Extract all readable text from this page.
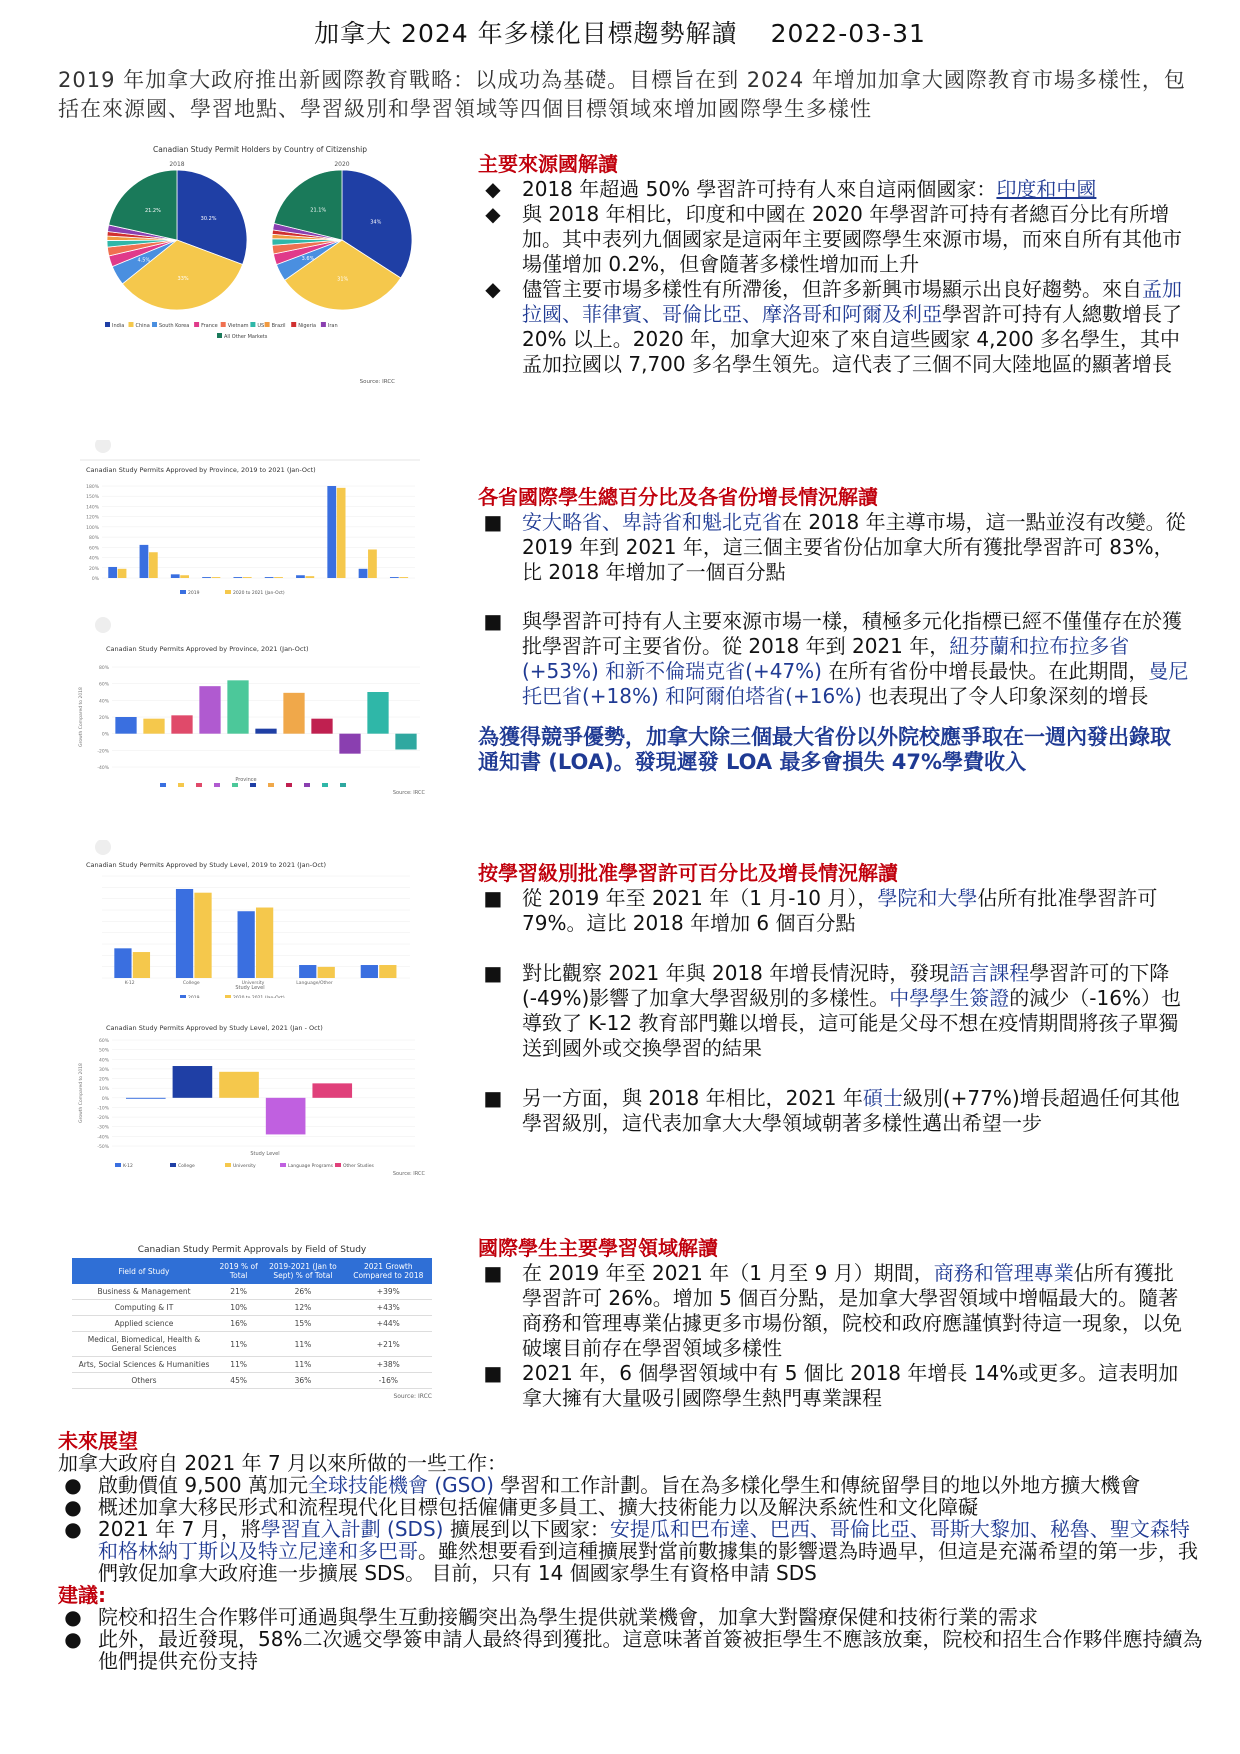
加拿大 2024 年多樣化目標趨勢解讀 2022-03-31
2019 年加拿大政府推出新國際教育戰略：以成功為基礎。目標旨在到 2024 年增加加拿大國際教育市場多樣性，包括在來源國、學習地點、學習級別和學習領域等四個目標領域來增加國際學生多樣性
Canadian Study Permit Holders by Country of Citizenship
2018	2020
30.2%
33%
4.5%
21.2%
34%
31%
3.6%
21.1%
India China South Korea France Vietnam US Brazil	Nigeria Iran
All Other Markets
Source: IRCC
主要來源國解讀
◆	2018 年超過 50% 學習許可持有人來自這兩個國家：印度和中國
◆	與 2018 年相比，印度和中國在 2020 年學習許可持有者總百分比有所增加。其中表列九個國家是這兩年主要國際學生來源市場，而來自所有其他市場僅增加 0.2%，但會隨著多樣性增加而上升
◆	儘管主要市場多樣性有所滯後，但許多新興市場顯示出良好趨勢。來自孟加拉國、菲律賓、哥倫比亞、摩洛哥和阿爾及利亞學習許可持有人總數增長了 20% 以上。2020 年，加拿大迎來了來自這些國家 4,200 多名學生，其中孟加拉國以 7,700 多名學生領先。這代表了三個不同大陸地區的顯著增長
Canadian Study Permits Approved by Province, 2019 to 2021 (Jan-Oct)
180%
150%
140%
120%
100%
80%
60%
40%
20%
0%
2019	2020 to 2021 (Jan-Oct)
Canadian Study Permits Approved by Province, 2021 (Jan-Oct)
80%
60%
40%
20%
0%
-20%
-40%
Growth Compared to 2018
Province
Source: IRCC
各省國際學生總百分比及各省份增長情況解讀
■ 安大略省、卑詩省和魁北克省在 2018 年主導市場，這一點並沒有改變。從 2019 年到 2021 年，這三個主要省份佔加拿大所有獲批學習許可 83%，比 2018 年增加了一個百分點
■ 與學習許可持有人主要來源市場一樣，積極多元化指標已經不僅僅存在於獲批學習許可主要省份。從 2018 年到 2021 年，紐芬蘭和拉布拉多省(+53%) 和新不倫瑞克省(+47%) 在所有省份中增長最快。在此期間，曼尼托巴省(+18%) 和阿爾伯塔省(+16%) 也表現出了令人印象深刻的增長
為獲得競爭優勢，加拿大除三個最大省份以外院校應爭取在一週內發出錄取通知書 (LOA)。發現遲發 LOA 最多會損失 47%學費收入
Canadian Study Permits Approved by Study Level, 2019 to 2021 (Jan-Oct)
K-12	College	University	Language/Other
Study Level
Canadian Study Permits Approved by Study Level, 2021 (Jan - Oct)
60%
50%
40%
30%
20%
10%
0%
-10%
-20%
-30%
-40%
-50%
Growth Compared to 2018
K-12	College	University	Language Programs Other Studies
Study Level
Source: IRCC
按學習級別批准學習許可百分比及增長情況解讀
■ 從 2019 年至 2021 年（1 月-10 月），學院和大學佔所有批准學習許可 79%。這比 2018 年增加 6 個百分點
■ 對比觀察 2021 年與 2018 年增長情況時，發現語言課程學習許可的下降(-49%)影響了加拿大學習級別的多樣性。中學學生簽證的減少（-16%）也導致了 K-12 教育部門難以增長，這可能是父母不想在疫情期間將孩子單獨送到國外或交換學習的結果
■ 另一方面，與 2018 年相比，2021 年碩士級別(+77%)增長超過任何其他學習級別，這代表加拿大大學領域朝著多樣性邁出希望一步
Canadian Study Permit Approvals by Field of Study
Field of Study	2019 % of Total	2019-2021 (Jan to Sept) % of Total	2021 Growth Compared to 2018
Business & Management	21%	26%	+39%
Computing & IT	10%	12%	+43%
Applied science	16%	15%	+44%
Medical, Biomedical, Health & General Sciences	11%	11%	+21%
Arts, Social Sciences & Humanities	11%	11%	+38%
Others	45%	36%	-16%
Source: IRCC
國際學生主要學習領域解讀
■ 在 2019 年至 2021 年（1 月至 9 月）期間，商務和管理專業佔所有獲批學習許可 26%。增加 5 個百分點，是加拿大學習領域中增幅最大的。隨著商務和管理專業佔據更多市場份額，院校和政府應謹慎對待這一現象，以免破壞目前存在學習領域多樣性
■ 2021 年，6 個學習領域中有 5 個比 2018 年增長 14%或更多。這表明加拿大擁有大量吸引國際學生熱門專業課程
未來展望
加拿大政府自 2021 年 7 月以來所做的一些工作：
● 啟動價值 9,500 萬加元全球技能機會 (GSO) 學習和工作計劃。旨在為多樣化學生和傳統留學目的地以外地方擴大機會
● 概述加拿大移民形式和流程現代化目標包括僱傭更多員工、擴大技術能力以及解決系統性和文化障礙
● 2021 年 7 月，將學習直入計劃 (SDS) 擴展到以下國家：安提瓜和巴布達、巴西、哥倫比亞、哥斯大黎加、秘魯、聖文森特和格林納丁斯以及特立尼達和多巴哥。雖然想要看到這種擴展對當前數據集的影響還為時過早，但這是充滿希望的第一步，我們敦促加拿大政府進一步擴展 SDS。 目前，只有 14 個國家學生有資格申請 SDS
建議:
● 院校和招生合作夥伴可通過與學生互動接觸突出為學生提供就業機會，加拿大對醫療保健和技術行業的需求
● 此外，最近發現，58%二次遞交學簽申請人最終得到獲批。這意味著首簽被拒學生不應該放棄，院校和招生合作夥伴應持續為他們提供充份支持
